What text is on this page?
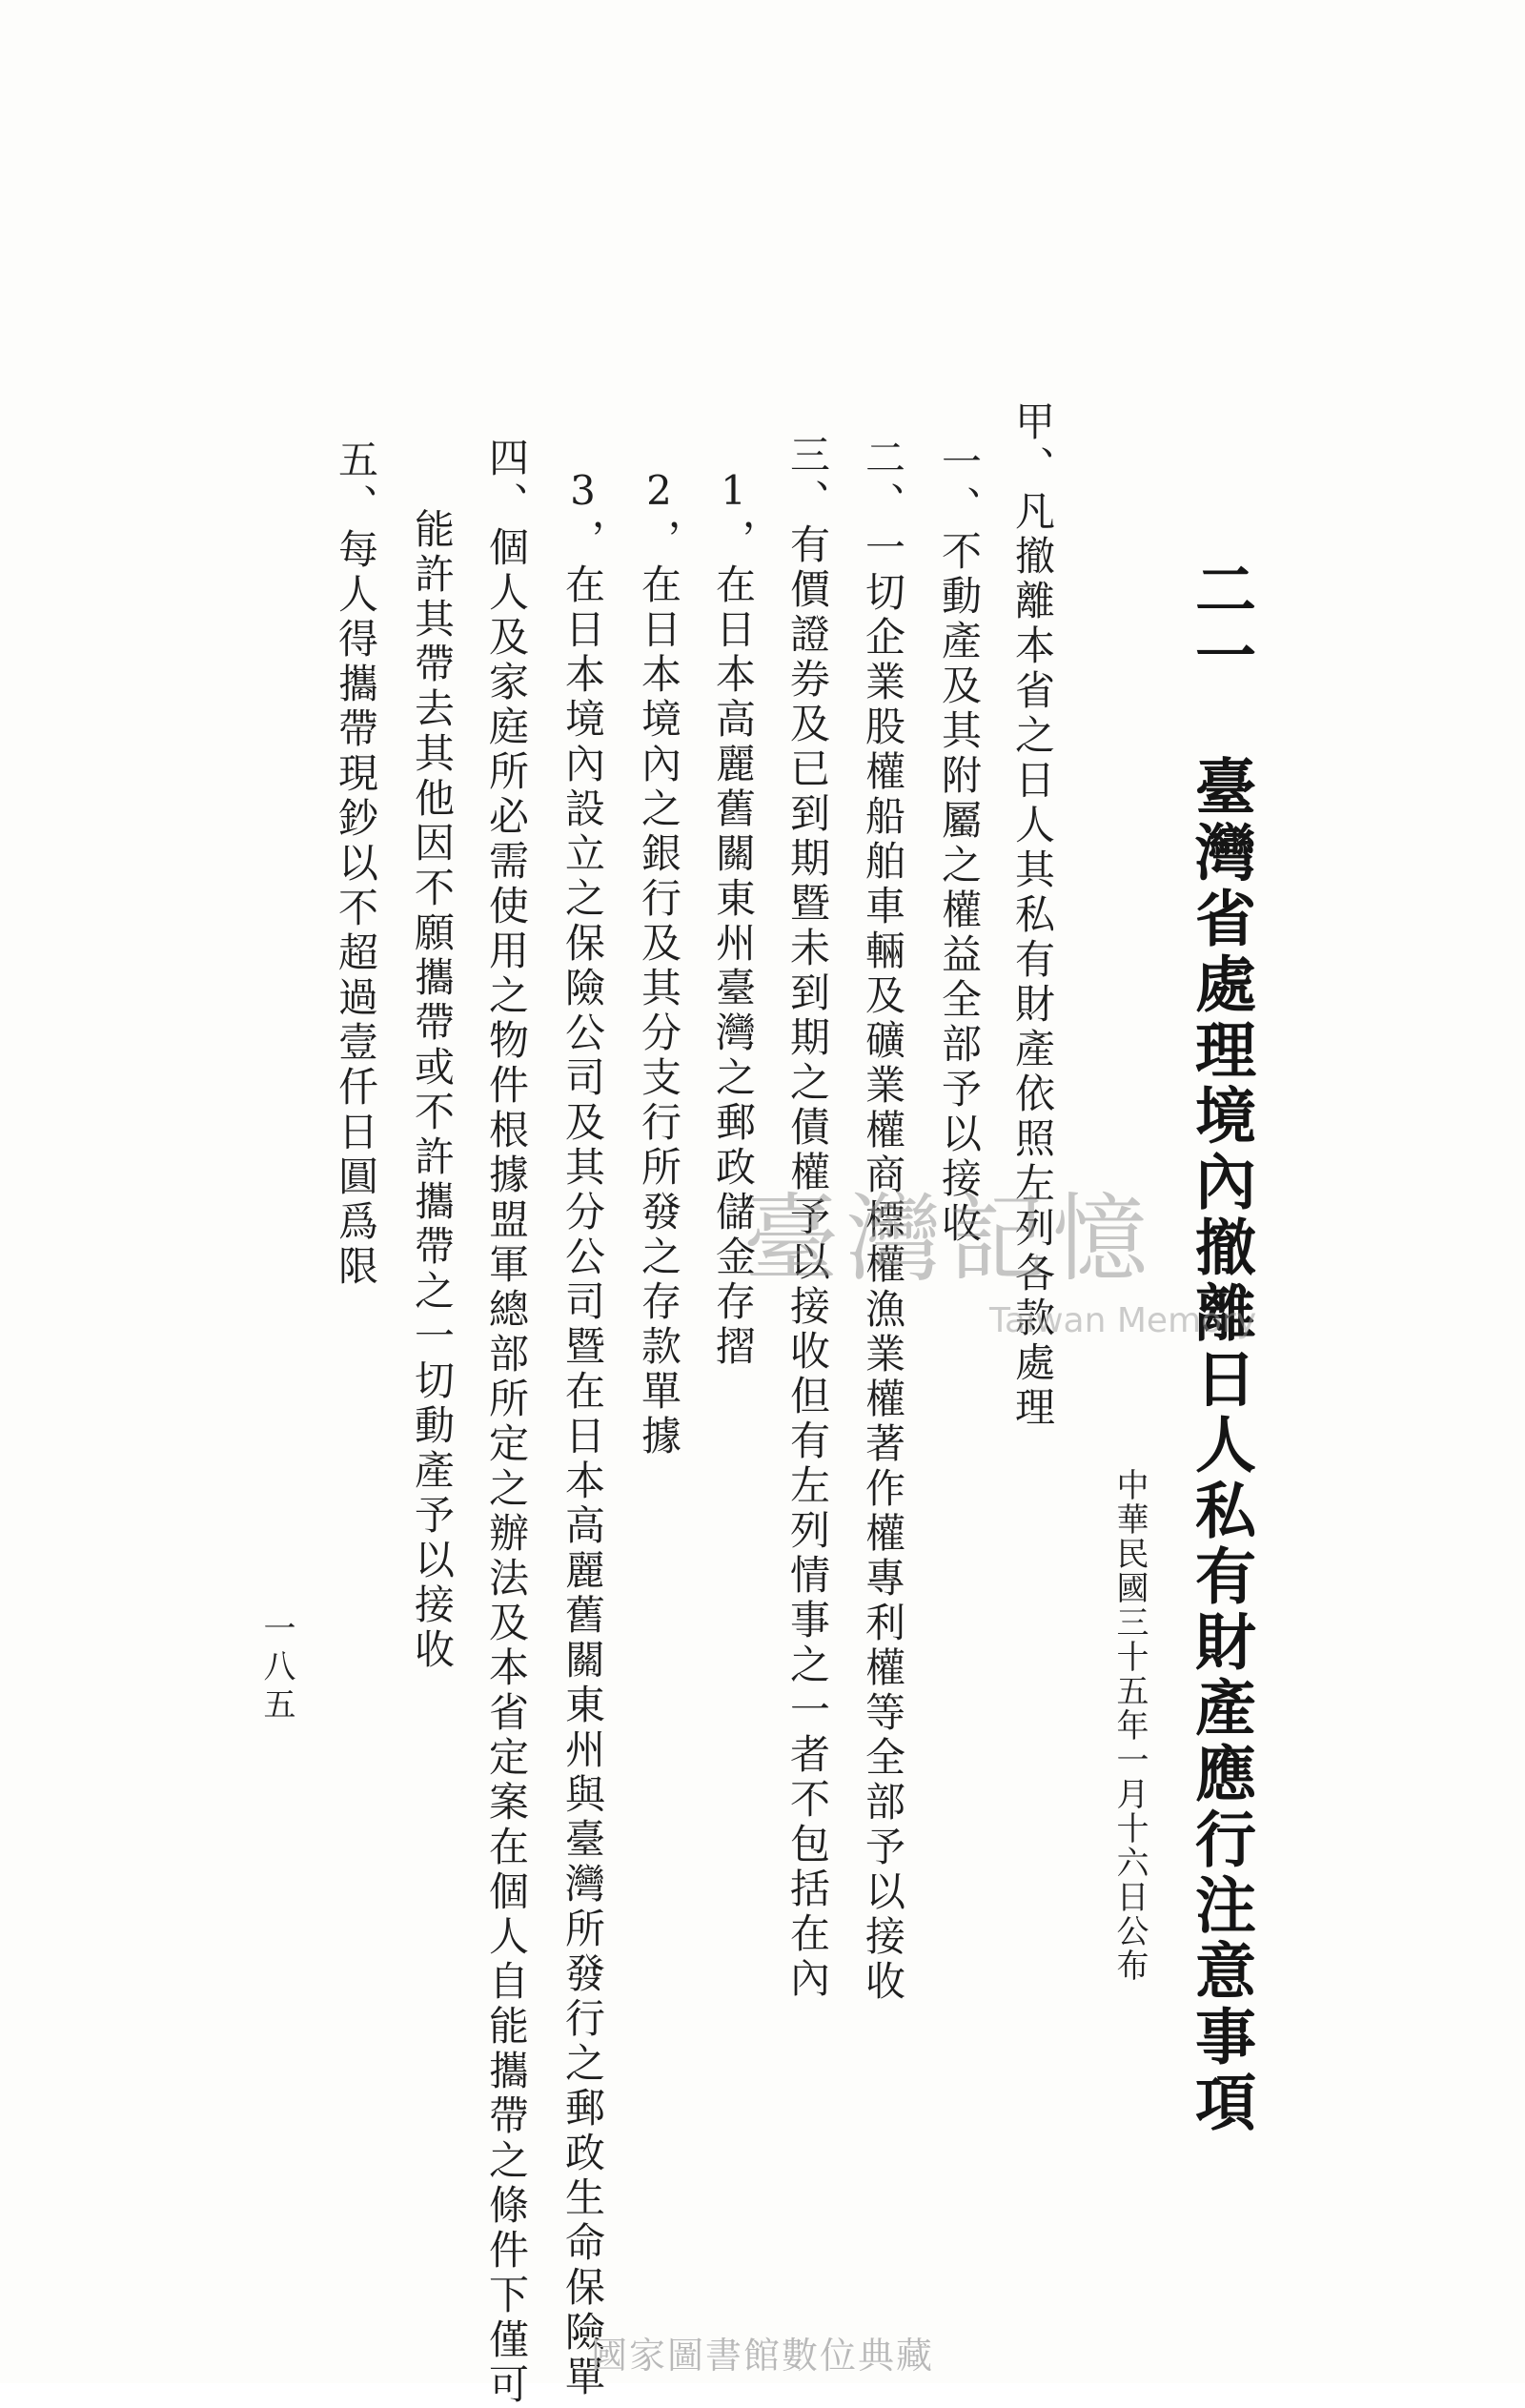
二一　臺灣省處理境內撤離日人私有財產應行注意事項
中華民國三十五年一月十六日公布
甲、凡撤離本省之日人其私有財產依照左列各款處理
一、不動產及其附屬之權益全部予以接收
二、一切企業股權船舶車輛及礦業權商標權漁業權著作權專利權等全部予以接收
三、有價證券及已到期暨未到期之債權予以接收但有左列情事之一者不包括在內
1，在日本高麗舊關東州臺灣之郵政儲金存摺
2，在日本境內之銀行及其分支行所發之存款單據
3，在日本境內設立之保險公司及其分公司暨在日本高麗舊關東州與臺灣所發行之郵政生命保險單
四、個人及家庭所必需使用之物件根據盟軍總部所定之辦法及本省定案在個人自能攜帶之條件下僅可
能許其帶去其他因不願攜帶或不許攜帶之一切動產予以接收
五、每人得攜帶現鈔以不超過壹仟日圓爲限
一八五
臺灣記憶
Taiwan Memory
國家圖書館數位典藏
